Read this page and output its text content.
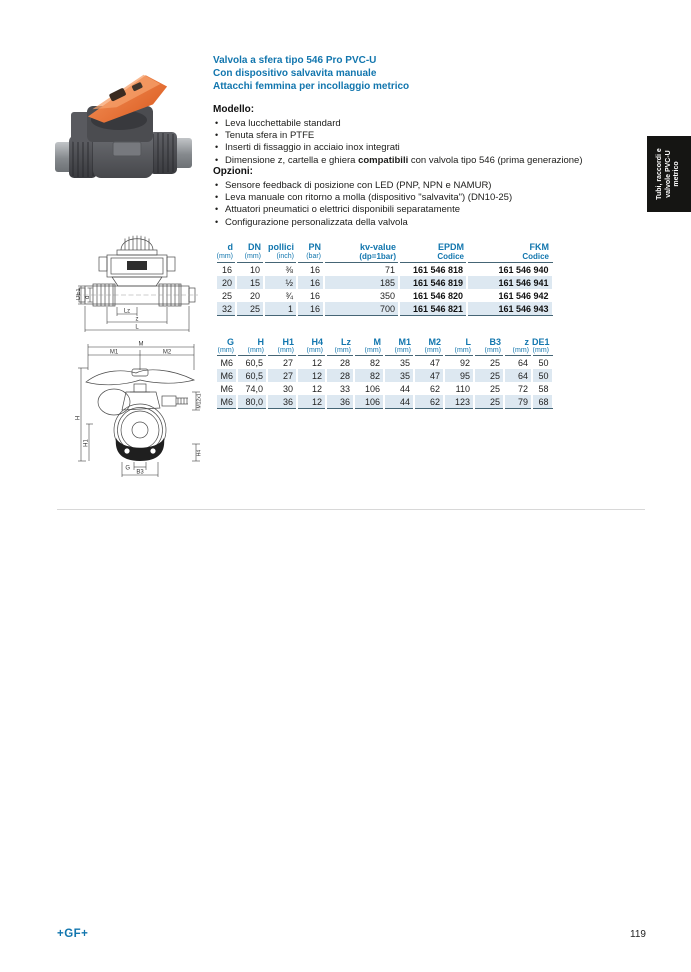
Valvola a sfera tipo 546 Pro PVC-U
Con dispositivo salvavita manuale
Attacchi femmina per incollaggio metrico
Modello:
• Leva lucchettabile standard
• Tenuta sfera in PTFE
• Inserti di fissaggio in acciaio inox integrati
• Dimensione z, cartella e ghiera compatibili con valvola tipo 546 (prima generazione)
Opzioni:
• Sensore feedback di posizione con LED (PNP, NPN e NAMUR)
• Leva manuale con ritorno a molla (dispositivo "salvavita") (DN10-25)
• Attuatori pneumatici o elettrici disponibili separatamente
• Configurazione personalizzata della valvola
Tubi, raccordi e valvole PVC-U metrico
DE1 d
Lz
z
L
M
M1	M2
H
H1
M12x1
H4
G
B3
d	DN	pollici	PN	kv-value	EPDM	FKM
(mm)	(mm)	(inch)	(bar)	(dp=1bar)	Codice	Codice
16	10	⅜	16	71	161 546 818	161 546 940
20	15	½	16	185	161 546 819	161 546 941
25	20	¾	16	350	161 546 820	161 546 942
32	25	1	16	700	161 546 821	161 546 943
G	H	H1	H4	Lz	M	M1	M2	L	B3	z	DE1
(mm)	(mm)	(mm)	(mm)	(mm)	(mm)	(mm)	(mm)	(mm)	(mm)	(mm)	(mm)
M6	60,5	27	12	28	82	35	47	92	25	64	50
M6	60,5	27	12	28	82	35	47	95	25	64	50
M6	74,0	30	12	33	106	44	62	110	25	72	58
M6	80,0	36	12	36	106	44	62	123	25	79	68
+GF+	119
